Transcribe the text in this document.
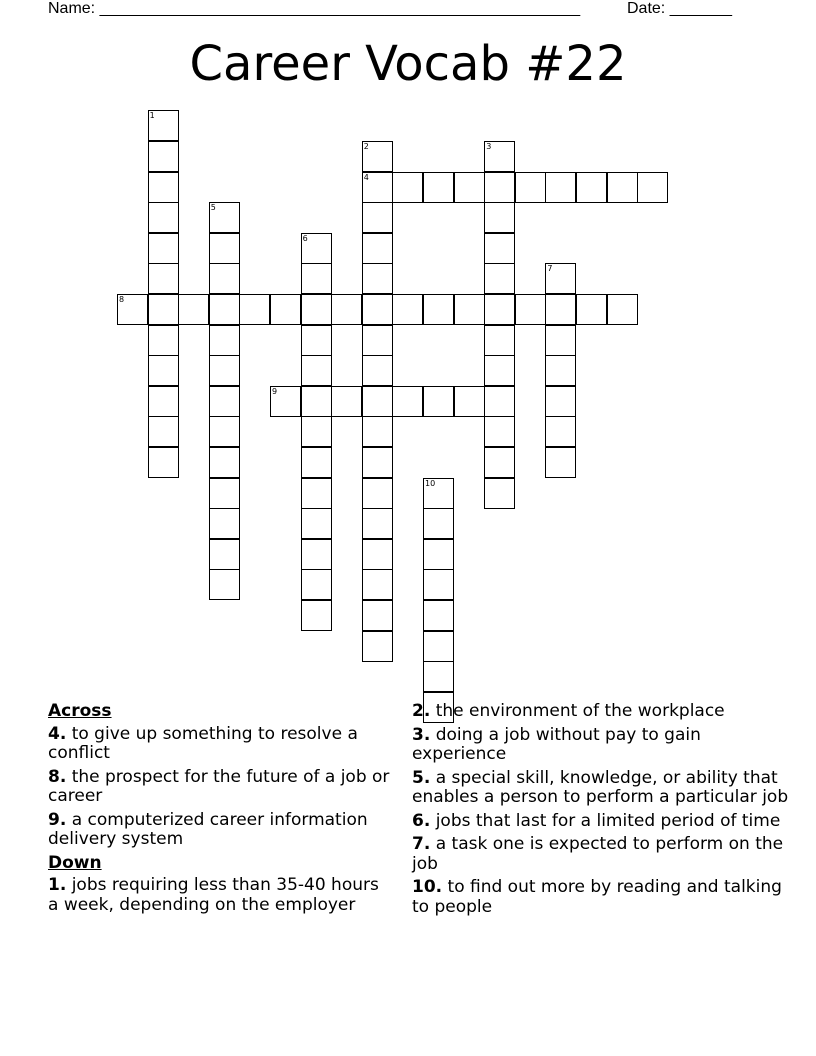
Name: ______________________________________________________	Date: _______
Career Vocab #22
4
8
9
1
2	3
5
6
7
10
Across
4. to give up something to resolve a conflict
8. the prospect for the future of a job or career
9. a computerized career information delivery system
Down
1. jobs requiring less than 35-40 hours a week, depending on the employer
2. the environment of the workplace
3. doing a job without pay to gain experience
5. a special skill, knowledge, or ability that enables a person to perform a particular job
6. jobs that last for a limited period of time
7. a task one is expected to perform on the job
10. to find out more by reading and talking to people
